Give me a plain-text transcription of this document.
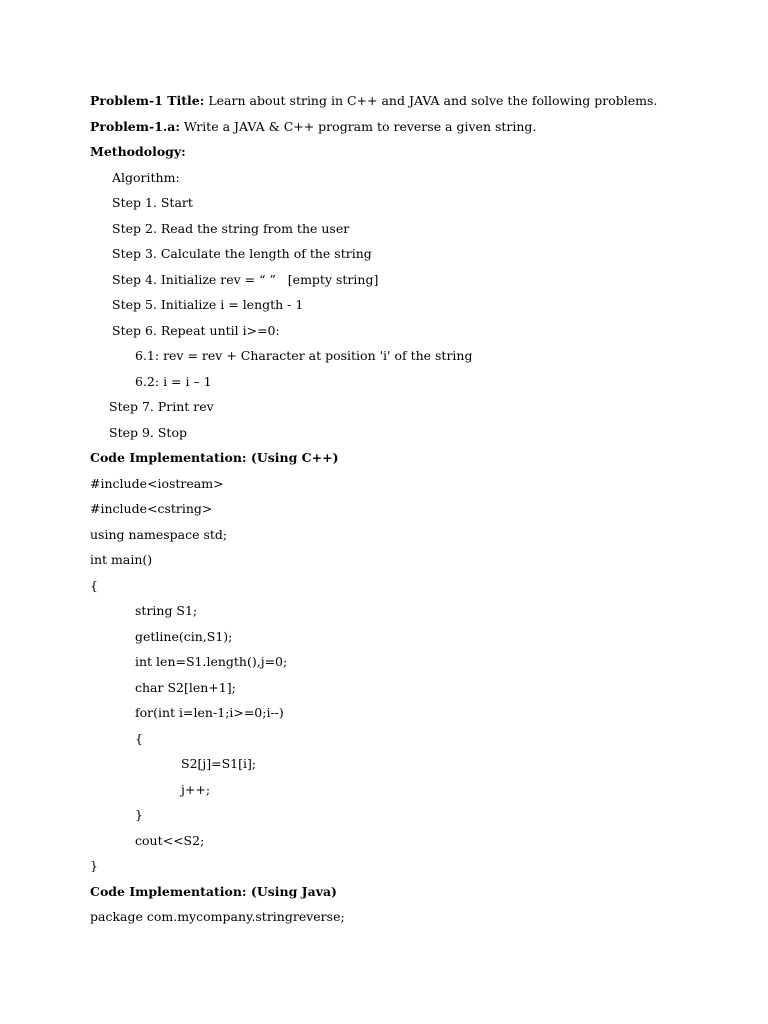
Problem-1 Title: Learn about string in C++ and JAVA and solve the following problems.
Problem-1.a: Write a JAVA & C++ program to reverse a given string.
Methodology:
Algorithm:
Step 1. Start
Step 2. Read the string from the user
Step 3. Calculate the length of the string
Step 4. Initialize rev = “ ”   [empty string]
Step 5. Initialize i = length - 1
Step 6. Repeat until i>=0:
6.1: rev = rev + Character at position 'i' of the string
6.2: i = i – 1
Step 7. Print rev
Step 9. Stop
Code Implementation: (Using C++)
#include<iostream>
#include<cstring>
using namespace std;
int main()
{
string S1;
getline(cin,S1);
int len=S1.length(),j=0;
char S2[len+1];
for(int i=len-1;i>=0;i--)
{
S2[j]=S1[i];
j++;
}
cout<<S2;
}
Code Implementation: (Using Java)
package com.mycompany.stringreverse;
